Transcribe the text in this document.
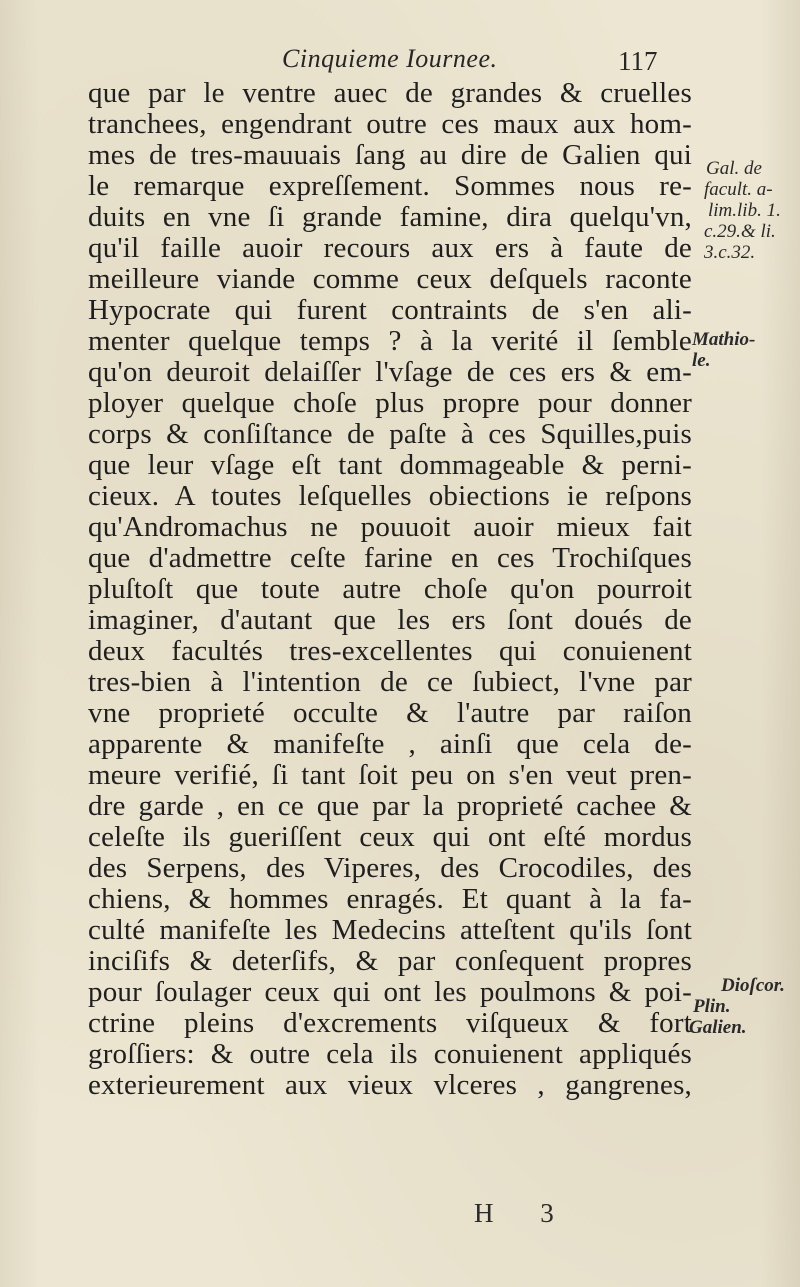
Cinquieme Iournee.	117
que par le ventre auec de grandes & cruelles
tranchees, engendrant outre ces maux aux hom-
mes de tres-mauuais ſang au dire de Galien qui
le remarque expreſſement. Sommes nous re-
duits en vne ſi grande famine, dira quelqu'vn,
qu'il faille auoir recours aux ers à faute de
meilleure viande comme ceux deſquels raconte
Hypocrate qui furent contraints de s'en ali-
menter quelque temps ? à la verité il ſemble
qu'on deuroit delaiſſer l'vſage de ces ers & em-
ployer quelque choſe plus propre pour donner
corps & conſiſtance de paſte à ces Squilles,puis
que leur vſage eſt tant dommageable & perni-
cieux. A toutes leſquelles obiections ie reſpons
qu'Andromachus ne pouuoit auoir mieux fait
que d'admettre ceſte farine en ces Trochiſques
pluſtoſt que toute autre choſe qu'on pourroit
imaginer, d'autant que les ers ſont doués de
deux facultés tres-excellentes qui conuienent
tres-bien à l'intention de ce ſubiect, l'vne par
vne proprieté occulte & l'autre par raiſon
apparente & manifeſte , ainſi que cela de-
meure verifié, ſi tant ſoit peu on s'en veut pren-
dre garde , en ce que par la proprieté cachee &
celeſte ils gueriſſent ceux qui ont eſté mordus
des Serpens, des Viperes, des Crocodiles, des
chiens, & hommes enragés. Et quant à la fa-
culté manifeſte les Medecins atteſtent qu'ils ſont
inciſifs & deterſifs, & par conſequent propres
pour ſoulager ceux qui ont les poulmons & poi-
ctrine pleins d'excrements viſqueux & fort
groſſiers: & outre cela ils conuienent appliqués
exterieurement aux vieux vlceres , gangrenes,
Gal. de
facult. a-
lim.lib. 1.
c.29.& li.
3.c.32.
Mathio-
le.
Dioſcor.
Plin.
Galien.
H 3
